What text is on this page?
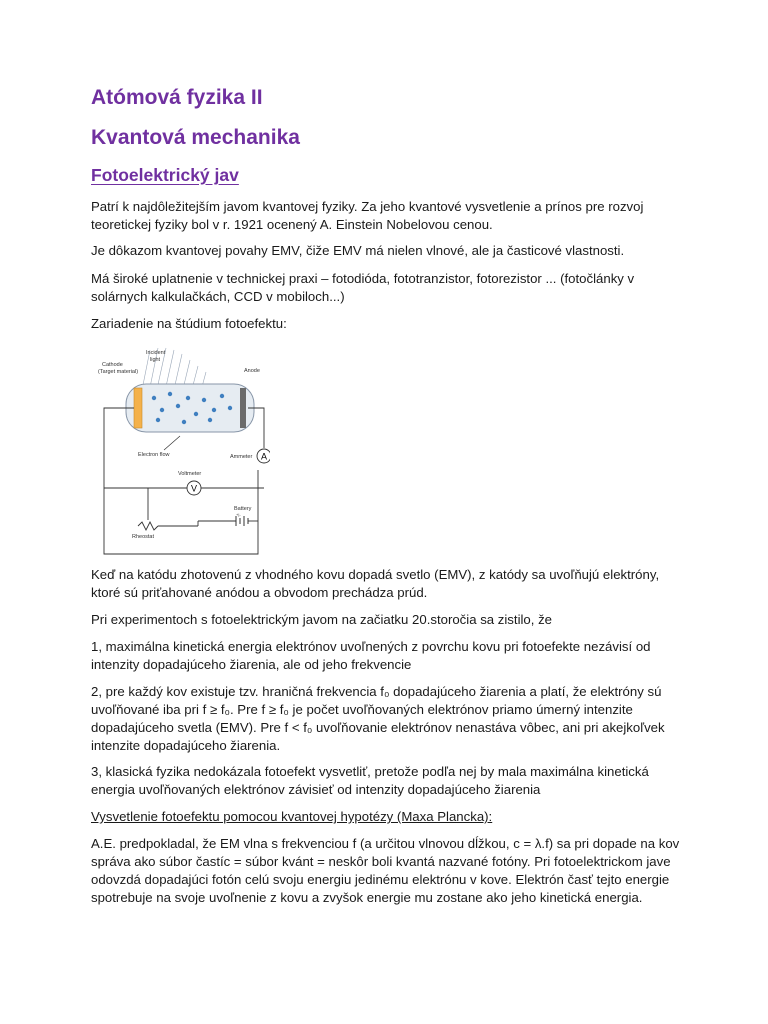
Atómová fyzika II
Kvantová mechanika
Fotoelektrický jav

Patrí k najdôležitejším javom kvantovej fyziky. Za jeho kvantové vysvetlenie a prínos pre rozvoj teoretickej fyziky bol v r. 1921 ocenený A. Einstein Nobelovou cenou.

Je dôkazom kvantovej povahy EMV, čiže EMV má nielen vlnové, ale ja časticové vlastnosti.

Má široké uplatnenie v technickej praxi – fotodióda, fototranzistor, fotorezistor ... (fotočlánky v solárnych kalkulačkách, CCD v mobiloch...)

Zariadenie na štúdium fotoefektu:

Keď na katódu zhotovenú z vhodného kovu dopadá svetlo (EMV), z katódy sa uvoľňujú elektróny, ktoré sú priťahované anódou a obvodom prechádza prúd.

Pri experimentoch s fotoelektrickým javom na začiatku 20.storočia sa zistilo, že

1, maximálna kinetická energia elektrónov uvoľnených z povrchu kovu pri fotoefekte nezávisí od intenzity dopadajúceho žiarenia, ale od jeho frekvencie

2, pre každý kov existuje tzv. hraničná frekvencia f₀ dopadajúceho žiarenia a platí, že elektróny sú uvoľňované iba pri f ≥ f₀. Pre f ≥ f₀ je počet uvoľňovaných elektrónov priamo úmerný intenzite dopadajúceho svetla (EMV). Pre f < f₀ uvoľňovanie elektrónov nenastáva vôbec, ani pri akejkoľvek intenzite dopadajúceho žiarenia.

3, klasická fyzika nedokázala fotoefekt vysvetliť, pretože podľa nej by mala maximálna kinetická energia uvoľňovaných elektrónov závisieť od intenzity dopadajúceho žiarenia

Vysvetlenie fotoefektu pomocou kvantovej hypotézy (Maxa Plancka):

A.E. predpokladal, že EM vlna s frekvenciou f (a určitou vlnovou dĺžkou, c = λ.f) sa pri dopade na kov správa ako súbor častíc = súbor kvánt = neskôr boli kvantá nazvané fotóny. Pri fotoelektrickom jave odovzdá dopadajúci fotón celú svoju energiu jedinému elektrónu v kove. Elektrón časť tejto energie spotrebuje na svoje uvoľnenie z kovu a zvyšok energie mu zostane ako jeho kinetická energia.

A
V
Incident
light
Cathode
(Target material)	Anode
Electron flow	Ammeter
Voltmeter
Battery
+|-
Rheostat
